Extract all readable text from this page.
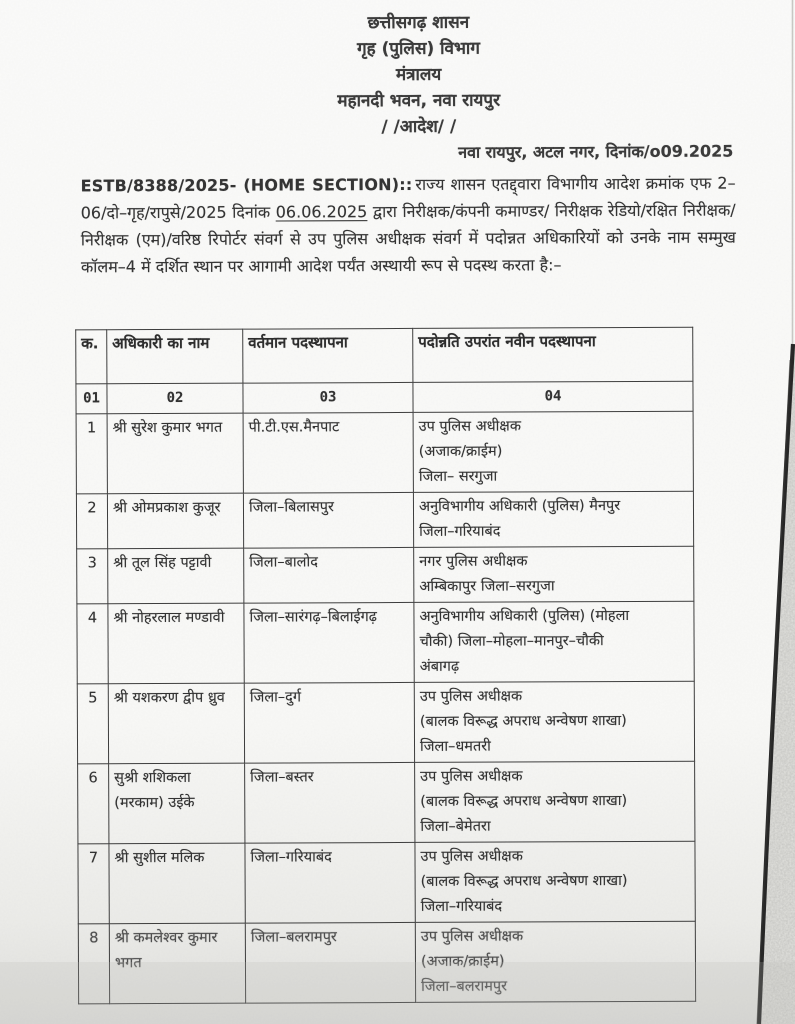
छत्तीसगढ़ शासन
गृह (पुलिस) विभाग
मंत्रालय
महानदी भवन, नवा रायपुर
/ /आदेश/ /
नवा रायपुर, अटल नगर, दिनांक/o09.2025

ESTB/8388/2025- (HOME SECTION):: राज्य शासन एतद्द्वारा विभागीय आदेश क्रमांक एफ 2–06/दो–गृह/रापुसे/2025 दिनांक 06.06.2025 द्वारा निरीक्षक/कंपनी कमाण्डर/ निरीक्षक रेडियो/रक्षित निरीक्षक/निरीक्षक (एम)/वरिष्ठ रिपोर्टर संवर्ग से उप पुलिस अधीक्षक संवर्ग में पदोन्नत अधिकारियों को उनके नाम सम्मुख कॉलम–4 में दर्शित स्थान पर आगामी आदेश पर्यंत अस्थायी रूप से पदस्थ करता है:–

क.	अधिकारी का नाम	वर्तमान पदस्थापना	पदोन्नति उपरांत नवीन पदस्थापना
01	02	03	04
1	श्री सुरेश कुमार भगत	पी.टी.एस.मैनपाट	उप पुलिस अधीक्षक
(अजाक/क्राईम)
जिला– सरगुजा
2	श्री ओमप्रकाश कुजूर	जिला–बिलासपुर	अनुविभागीय अधिकारी (पुलिस) मैनपुर
जिला–गरियाबंद
3	श्री तूल सिंह पट्टावी	जिला–बालोद	नगर पुलिस अधीक्षक
अम्बिकापुर जिला–सरगुजा
4	श्री नोहरलाल मण्डावी	जिला–सारंगढ़–बिलाईगढ़	अनुविभागीय अधिकारी (पुलिस) (मोहला
चौकी) जिला–मोहला–मानपुर–चौकी
अंबागढ़
5	श्री यशकरण द्वीप ध्रुव	जिला–दुर्ग	उप पुलिस अधीक्षक
(बालक विरूद्ध अपराध अन्वेषण शाखा)
जिला–धमतरी
6	सुश्री शशिकला
(मरकाम) उईके	जिला–बस्तर	उप पुलिस अधीक्षक
(बालक विरूद्ध अपराध अन्वेषण शाखा)
जिला–बेमेतरा
7	श्री सुशील मलिक	जिला–गरियाबंद	उप पुलिस अधीक्षक
(बालक विरूद्ध अपराध अन्वेषण शाखा)
जिला–गरियाबंद
8	श्री कमलेश्वर कुमार
भगत	जिला–बलरामपुर	उप पुलिस अधीक्षक
(अजाक/क्राईम)
जिला–बलरामपुर
